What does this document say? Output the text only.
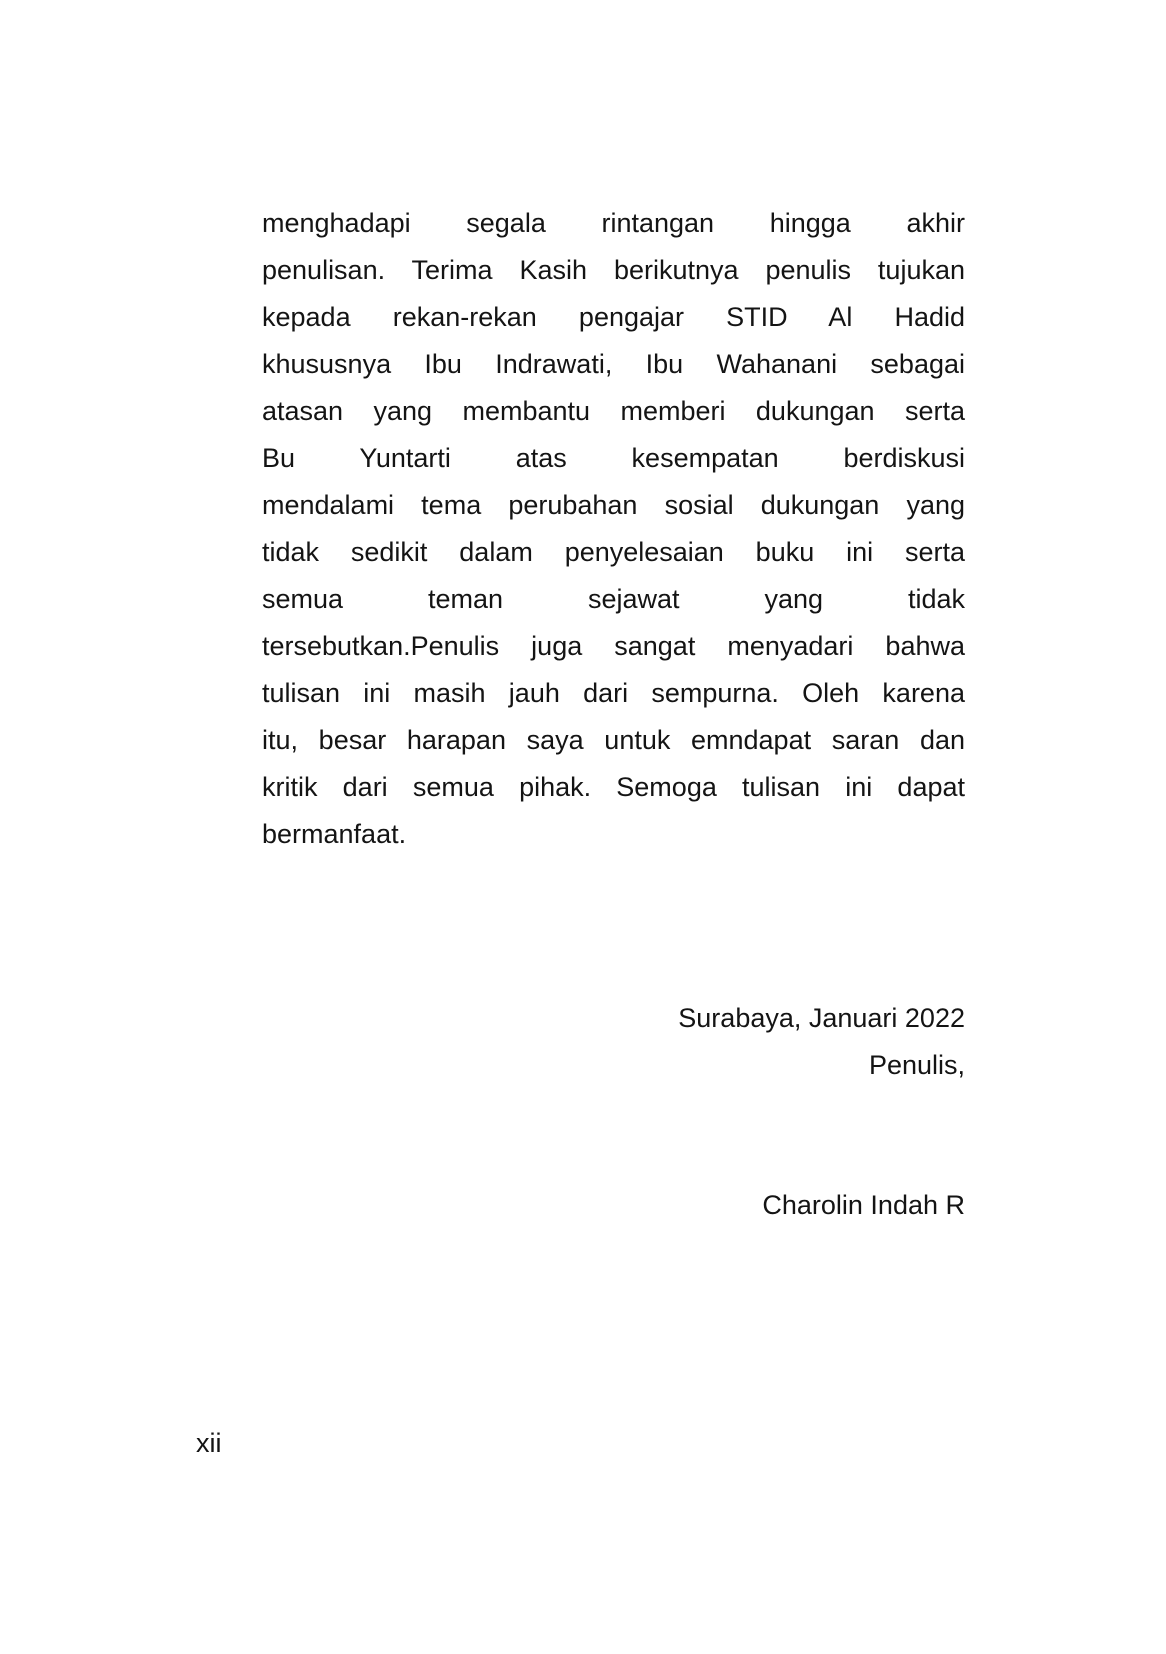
menghadapi segala rintangan hingga akhir
penulisan. Terima Kasih berikutnya penulis tujukan
kepada rekan-rekan pengajar STID Al Hadid
khususnya Ibu Indrawati, Ibu Wahanani sebagai
atasan yang membantu memberi dukungan serta
Bu Yuntarti atas kesempatan berdiskusi
mendalami tema perubahan sosial dukungan yang
tidak sedikit dalam penyelesaian buku ini serta
semua teman sejawat yang tidak
tersebutkan.Penulis juga sangat menyadari bahwa
tulisan ini masih jauh dari sempurna. Oleh karena
itu, besar harapan saya untuk emndapat saran dan
kritik dari semua pihak. Semoga tulisan ini dapat
bermanfaat.
Surabaya, Januari 2022
Penulis,
Charolin Indah R
xii
